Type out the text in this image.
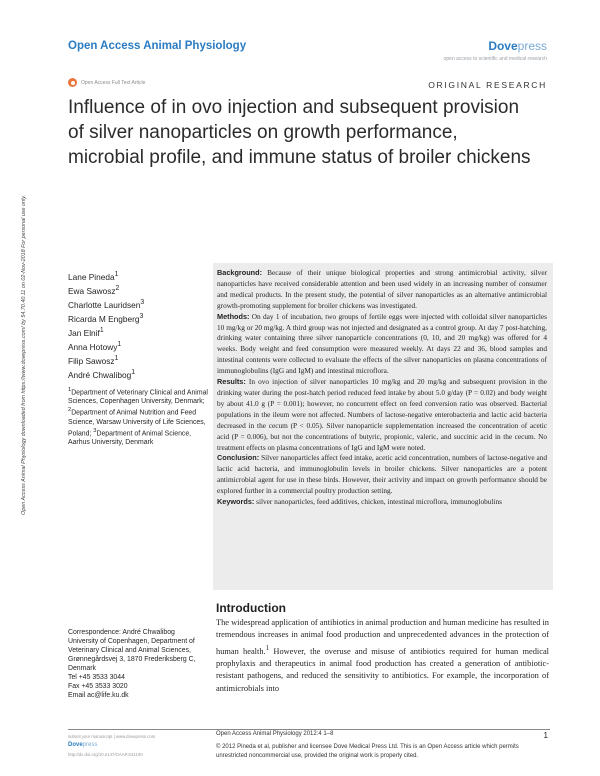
Open Access Animal Physiology	Dovepress
open access to scientific and medical research
Open Access Full Text Article	ORIGINAL RESEARCH
Influence of in ovo injection and subsequent provision of silver nanoparticles on growth performance, microbial profile, and immune status of broiler chickens
Open Access Animal Physiology downloaded from https://www.dovepress.com/ by 54.70.40.11 on 02-Nov-2018 For personal use only.	Lane Pineda$^1$
Ewa Sawosz$^2$
Charlotte Lauridsen$^3$
Ricarda M Engberg$^3$
Jan Elnif$^1$
Anna Hotowy$^1$
Filip Sawosz$^1$
André Chwalibog$^1$
$^1$Department of Veterinary Clinical and Animal Sciences, Copenhagen University, Denmark; $^2$Department of Animal Nutrition and Feed Science, Warsaw University of Life Sciences, Poland; $^3$Department of Animal Science, Aarhus University, Denmark
Correspondence: André Chwalibog
University of Copenhagen, Department of Veterinary Clinical and Animal Sciences, Grønnegårdsvej 3, 1870 Frederiksberg C, Denmark
Tel +45 3533 3044
Fax +45 3533 3020
Email ac@life.ku.dk

Background: Because of their unique biological properties and strong antimicrobial activity, silver nanoparticles have received considerable attention and been used widely in an increasing number of consumer and medical products. In the present study, the potential of silver nanoparticles as an alternative antimicrobial growth-promoting supplement for broiler chickens was investigated.

Methods: On day 1 of incubation, two groups of fertile eggs were injected with colloidal silver nanoparticles 10 mg/kg or 20 mg/kg. A third group was not injected and designated as a control group. At day 7 post-hatching, drinking water containing three silver nanoparticle concentrations (0, 10, and 20 mg/kg) was offered for 4 weeks. Body weight and feed consumption were measured weekly. At days 22 and 36, blood samples and intestinal contents were collected to evaluate the effects of the silver nanoparticles on plasma concentrations of immunoglobulins (IgG and IgM) and intestinal microflora.

Results: In ovo injection of silver nanoparticles 10 mg/kg and 20 mg/kg and subsequent provision in the drinking water during the post-hatch period reduced feed intake by about 5.0 g/day (P = 0.02) and body weight by about 41.0 g (P = 0.001); however, no concurrent effect on feed conversion ratio was observed. Bacterial populations in the ileum were not affected. Numbers of lactose-negative enterobacteria and lactic acid bacteria decreased in the cecum (P < 0.05). Silver nanoparticle supplementation increased the concentration of acetic acid (P = 0.006), but not the concentrations of butyric, propionic, valeric, and succinic acid in the cecum. No treatment effects on plasma concentrations of IgG and IgM were noted.

Conclusion: Silver nanoparticles affect feed intake, acetic acid concentration, numbers of lactose-negative and lactic acid bacteria, and immunoglobulin levels in broiler chickens. Silver nanoparticles are a potent antimicrobial agent for use in these birds. However, their activity and impact on growth performance should be explored further in a commercial poultry production setting.

Keywords: silver nanoparticles, feed additives, chicken, intestinal microflora, immunoglobulins

Introduction
The widespread application of antibiotics in animal production and human medicine has resulted in tremendous increases in animal food production and unprecedented advances in the protection of human health.$^1$ However, the overuse and misuse of antibiotics required for human medical prophylaxis and therapeutics in animal food production has created a generation of antibiotic-resistant pathogens, and reduced the sensitivity to antibiotics. For example, the incorporation of antimicrobials into
submit your manuscript | www.dovepress.com
Dovepress
http://dx.doi.org/10.2147/OAAP.S31100
Open Access Animal Physiology 2012:4 1–8	1
© 2012 Pineda et al, publisher and licensee Dove Medical Press Ltd. This is an Open Access article which permits unrestricted noncommercial use, provided the original work is properly cited.
